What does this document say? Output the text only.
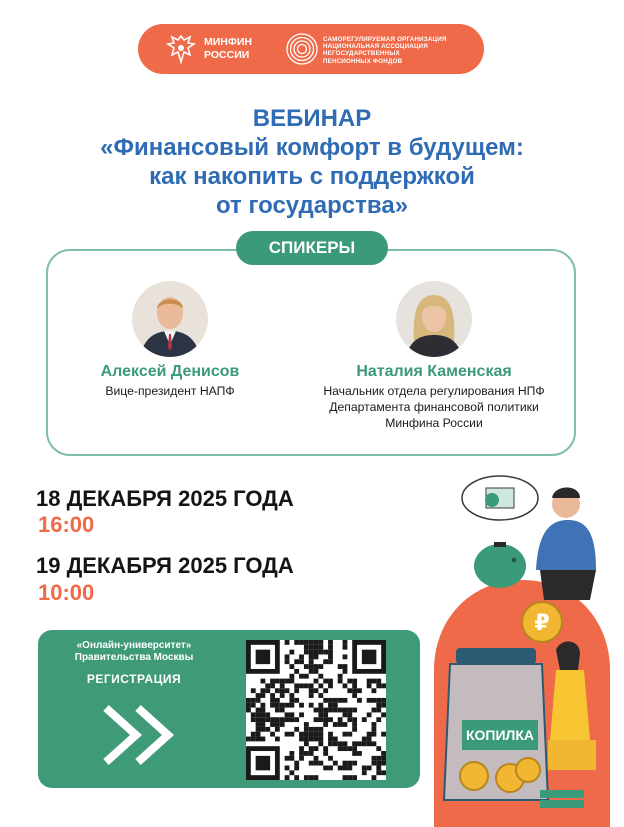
МИНФИН
РОССИИ
САМОРЕГУЛИРУЕМАЯ ОРГАНИЗАЦИЯ
НАЦИОНАЛЬНАЯ АССОЦИАЦИЯ
НЕГОСУДАРСТВЕННЫХ
ПЕНСИОННЫХ ФОНДОВ
ВЕБИНАР
«Финансовый комфорт в будущем:
как накопить с поддержкой
от государства»
СПИКЕРЫ
Алексей Денисов
Вице-президент НАПФ
Наталия Каменская
Начальник отдела регулирования НПФ Департамента финансовой политики Минфина России
18 ДЕКАБРЯ 2025 ГОДА
16:00
19 ДЕКАБРЯ 2025 ГОДА
10:00
«Онлайн-университет»
Правительства Москвы
РЕГИСТРАЦИЯ
₽
КОПИЛКА
